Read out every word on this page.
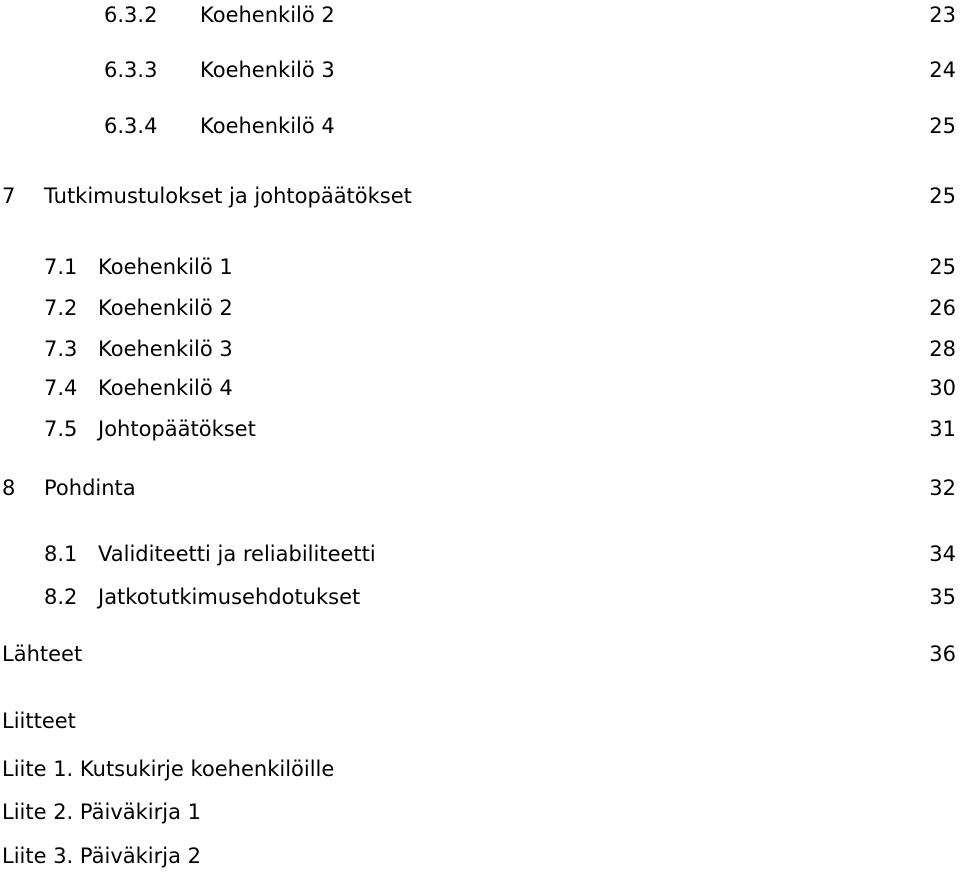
6.3.2 Koehenkilö 2	23
6.3.3 Koehenkilö 3	24
6.3.4 Koehenkilö 4	25
7 Tutkimustulokset ja johtopäätökset	25
7.1 Koehenkilö 1	25
7.2 Koehenkilö 2	26
7.3 Koehenkilö 3	28
7.4 Koehenkilö 4	30
7.5 Johtopäätökset	31
8 Pohdinta	32
8.1 Validiteetti ja reliabiliteetti	34
8.2 Jatkotutkimusehdotukset	35
Lähteet	36
Liitteet
Liite 1. Kutsukirje koehenkilöille
Liite 2. Päiväkirja 1
Liite 3. Päiväkirja 2
